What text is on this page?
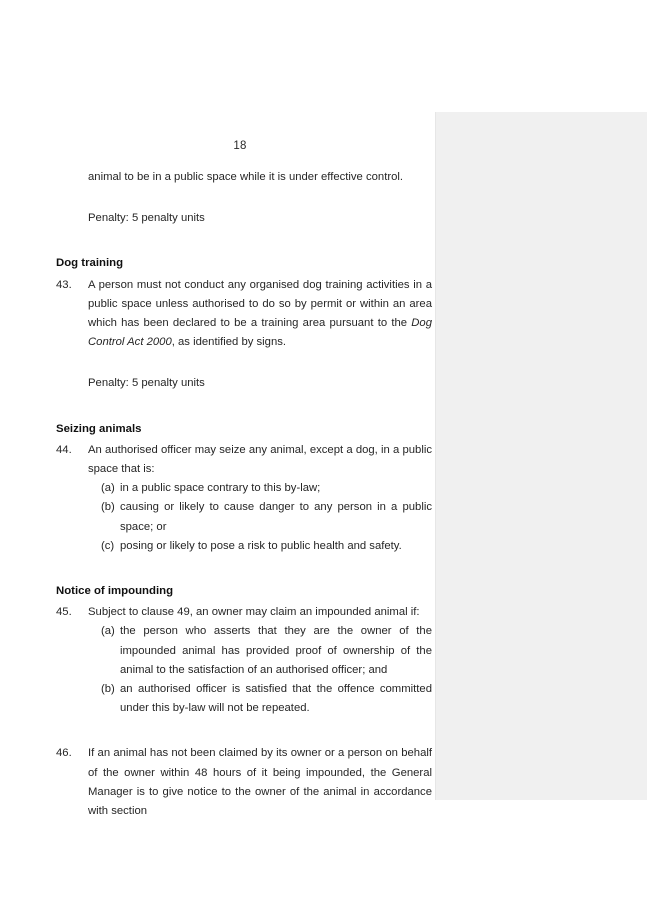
18

animal to be in a public space while it is under effective control.

Penalty: 5 penalty units

Dog training
43.	A person must not conduct any organised dog training activities in a public space unless authorised to do so by permit or within an area which has been declared to be a training area pursuant to the Dog Control Act 2000, as identified by signs.

Penalty: 5 penalty units

Seizing animals
44.	An authorised officer may seize any animal, except a dog, in a public space that is:
(a) in a public space contrary to this by-law;
(b) causing or likely to cause danger to any person in a public space; or
(c) posing or likely to pose a risk to public health and safety.
Notice of impounding
45.	Subject to clause 49, an owner may claim an impounded animal if:
(a) the person who asserts that they are the owner of the impounded animal has provided proof of ownership of the animal to the satisfaction of an authorised officer; and
(b) an authorised officer is satisfied that the offence committed under this by-law will not be repeated.
46.	If an animal has not been claimed by its owner or a person on behalf of the owner within 48 hours of it being impounded, the General Manager is to give notice to the owner of the animal in accordance with section
